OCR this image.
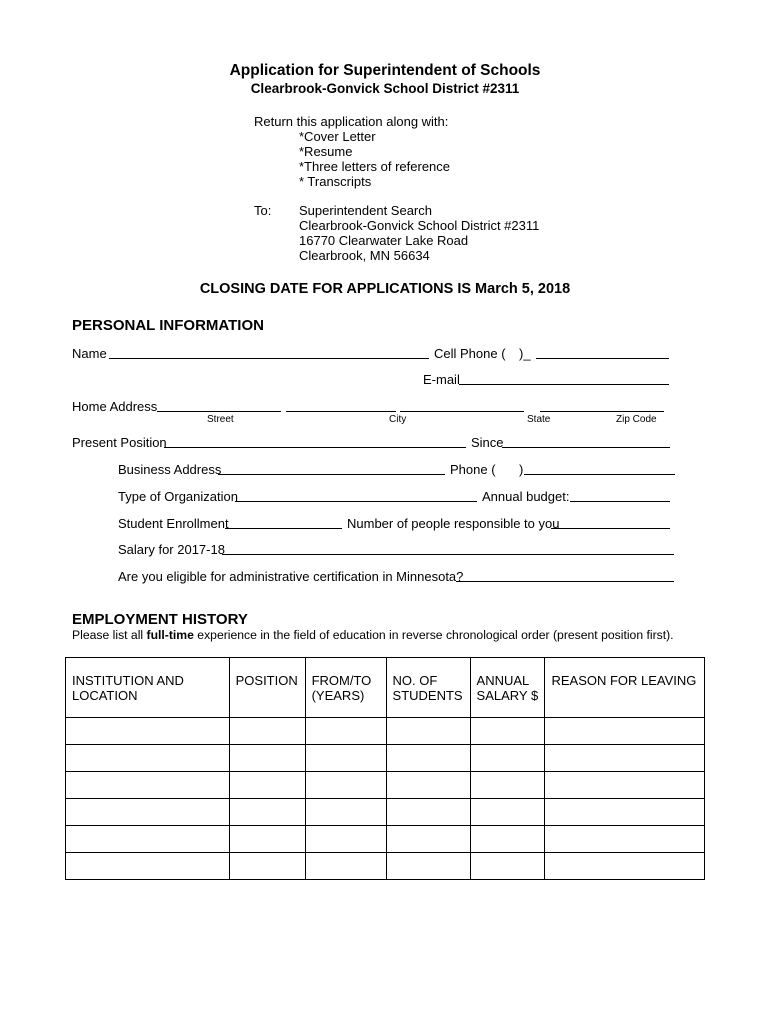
Application for Superintendent of Schools
Clearbrook-Gonvick School District #2311
Return this application along with:
*Cover Letter
*Resume
*Three letters of reference
* Transcripts
To: Superintendent Search
Clearbrook-Gonvick School District #2311
16770 Clearwater Lake Road
Clearbrook, MN 56634
CLOSING DATE FOR APPLICATIONS IS March 5, 2018
PERSONAL INFORMATION
Name	Cell Phone ( )_
E-mail
Home Address
Street	City	State	Zip Code
Present Position	Since
Business Address	Phone ( )
Type of Organization	Annual budget:
Student Enrollment	Number of people responsible to you
Salary for 2017-18
Are you eligible for administrative certification in Minnesota?
EMPLOYMENT HISTORY
Please list all full-time experience in the field of education in reverse chronological order (present position first).
INSTITUTION AND LOCATION	POSITION	FROM/TO (YEARS)	NO. OF STUDENTS	ANNUAL SALARY $	REASON FOR LEAVING
